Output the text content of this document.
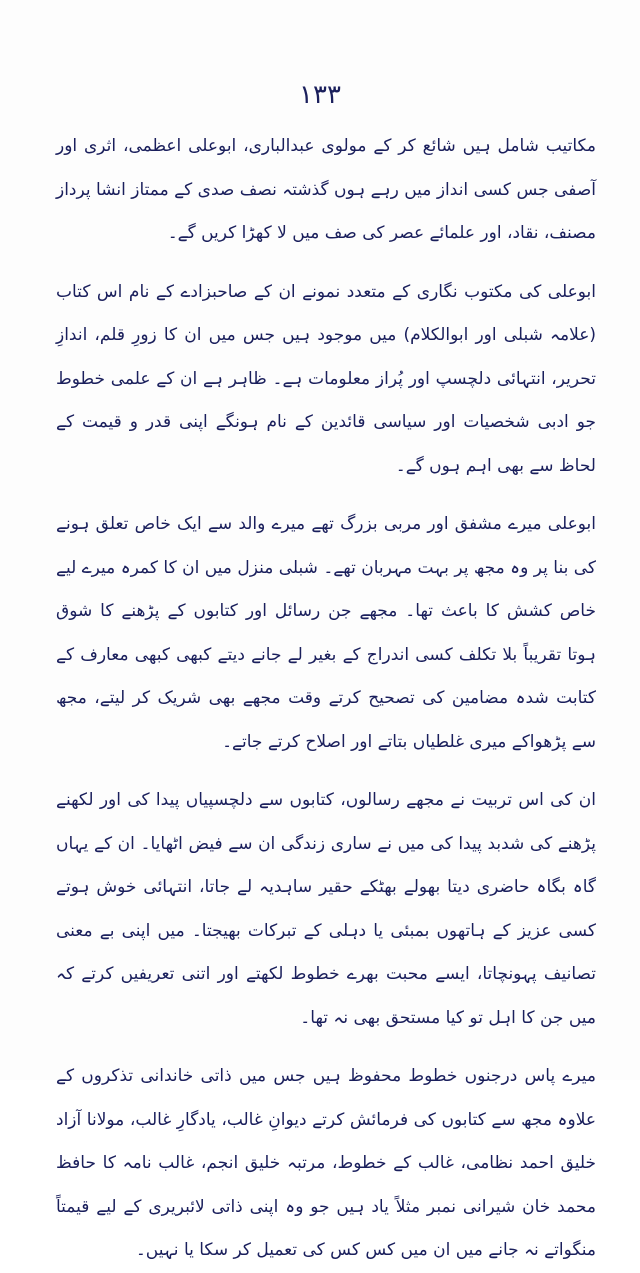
١٣٣

مکاتیب شامل ہیں شائع کر کے مولوی عبدالباری، ابوعلی اعظمی، اثری اور آصفی جس کسی انداز میں رہے ہوں گذشتہ نصف صدی کے ممتاز انشا پرداز مصنف، نقاد، اور علمائے عصر کی صف میں لا کھڑا کریں گے۔

ابوعلی کی مکتوب نگاری کے متعدد نمونے ان کے صاحبزادے کے نام اس کتاب (علامہ شبلی اور ابوالکلام) میں موجود ہیں جس میں ان کا زورِ قلم، اندازِ تحریر، انتہائی دلچسپ اور پُراز معلومات ہے۔ ظاہر ہے ان کے علمی خطوط جو ادبی شخصیات اور سیاسی قائدین کے نام ہونگے اپنی قدر و قیمت کے لحاظ سے بھی اہم ہوں گے۔

ابوعلی میرے مشفق اور مربی بزرگ تھے میرے والد سے ایک خاص تعلق ہونے کی بنا پر وہ مجھ پر بہت مہربان تھے۔ شبلی منزل میں ان کا کمرہ میرے لیے خاص کشش کا باعث تھا۔ مجھے جن رسائل اور کتابوں کے پڑھنے کا شوق ہوتا تقریباً بلا تکلف کسی اندراج کے بغیر لے جانے دیتے کبھی کبھی معارف کے کتابت شدہ مضامین کی تصحیح کرتے وقت مجھے بھی شریک کر لیتے، مجھ سے پڑھواکے میری غلطیاں بتاتے اور اصلاح کرتے جاتے۔

ان کی اس تربیت نے مجھے رسالوں، کتابوں سے دلچسپیاں پیدا کی اور لکھنے پڑھنے کی شدبد پیدا کی میں نے ساری زندگی ان سے فیض اٹھایا۔ ان کے یہاں گاہ بگاہ حاضری دیتا بھولے بھٹکے حقیر ساہدیہ لے جاتا، انتہائی خوش ہوتے کسی عزیز کے ہاتھوں بمبئی یا دہلی کے تبرکات بھیجتا۔ میں اپنی بے معنی تصانیف پہونچاتا، ایسے محبت بھرے خطوط لکھتے اور اتنی تعریفیں کرتے کہ میں جن کا اہل تو کیا مستحق بھی نہ تھا۔

میرے پاس درجنوں خطوط محفوظ ہیں جس میں ذاتی خاندانی تذکروں کے علاوہ مجھ سے کتابوں کی فرمائش کرتے دیوانِ غالب، یادگارِ غالب، مولانا آزاد خلیق احمد نظامی، غالب کے خطوط، مرتبہ خلیق انجم، غالب نامہ کا حافظ محمد خان شیرانی نمبر مثلاً یاد ہیں جو وہ اپنی ذاتی لائبریری کے لیے قیمتاً منگواتے نہ جانے میں ان میں کس کس کی تعمیل کر سکا یا نہیں۔
